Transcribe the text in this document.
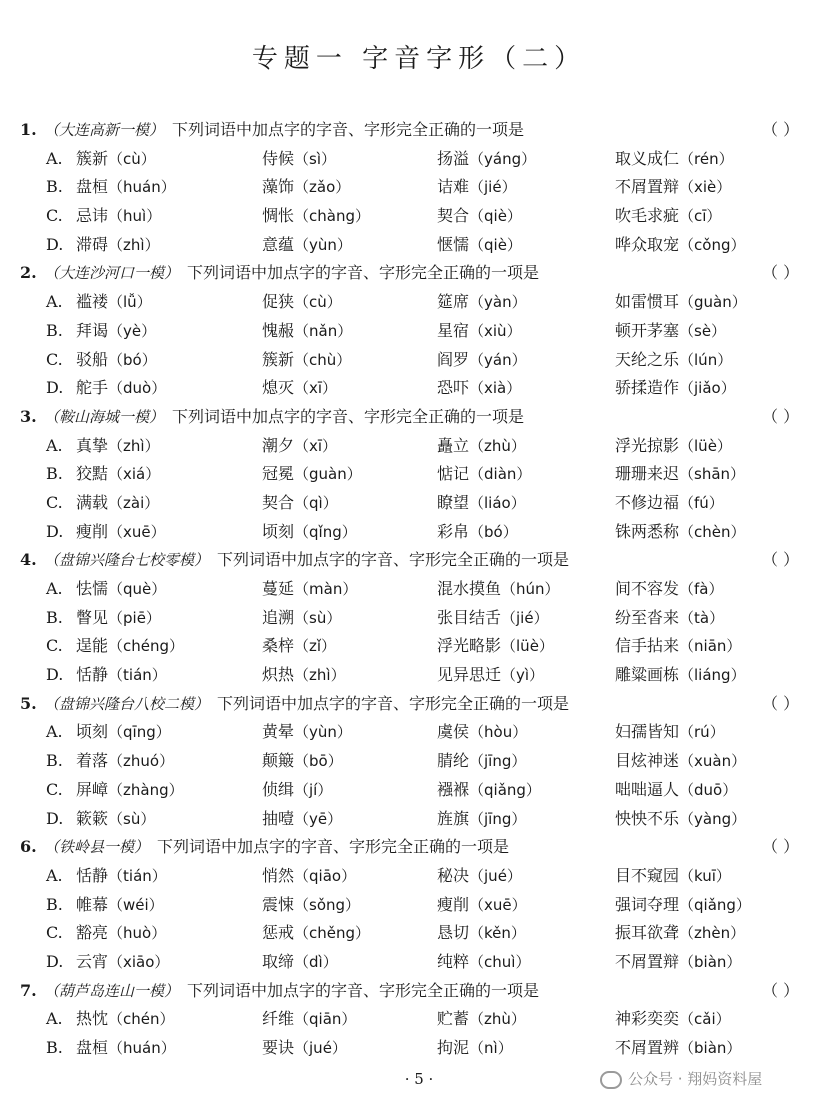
专题一 字音字形（二）
1. （大连高新一模）	（ ）
下列词语中加点字的字音、字形完全正确的一项是
A. 簇新（cù）	侍候（sì）	扬溢（yáng）	取义成仁（rén）
B. 盘桓（huán）	藻饰（zǎo）	诘难（jié）	不屑置辩（xiè）
C. 忌讳（huì）	惆怅（chàng）	契合（qiè）	吹毛求疵（cī）
D. 滞碍（zhì）	意蕴（yùn）	惬懦（qiè）	哗众取宠（cǒng）
2. （大连沙河口一模）	（ ）
下列词语中加点字的字音、字形完全正确的一项是
A. 褴褛（lǚ）	促狭（cù）	筵席（yàn）	如雷惯耳（guàn）
B. 拜谒（yè）	愧赧（nǎn）	星宿（xiù）	顿开茅塞（sè）
C. 驳船（bó）	簇新（chù）	阎罗（yán）	天纶之乐（lún）
D. 舵手（duò）	熄灭（xī）	恐吓（xià）	骄揉造作（jiǎo）
3. （鞍山海城一模）	（ ）
下列词语中加点字的字音、字形完全正确的一项是
A. 真挚（zhì）	潮夕（xī）	矗立（zhù）	浮光掠影（lüè）
B. 狡黠（xiá）	冠冕（guàn）	惦记（diàn）	珊珊来迟（shān）
C. 满载（zài）	契合（qì）	瞭望（liáo）	不修边福（fú）
D. 瘦削（xuē）	顷刻（qǐng）	彩帛（bó）	铢两悉称（chèn）
4. （盘锦兴隆台七校零模）	（ ）
下列词语中加点字的字音、字形完全正确的一项是
A. 怯懦（què）	蔓延（màn）	混水摸鱼（hún）	间不容发（fà）
B. 瞥见（piē）	追溯（sù）	张目结舌（jié）	纷至沓来（tà）
C. 逞能（chéng）	桑梓（zǐ）	浮光略影（lüè）	信手拈来（niān）
D. 恬静（tián）	炽热（zhì）	见异思迁（yì）	雕粱画栋（liáng）
5. （盘锦兴隆台八校二模）	（ ）
下列词语中加点字的字音、字形完全正确的一项是
A. 顷刻（qīng）	黄晕（yùn）	虞侯（hòu）	妇孺皆知（rú）
B. 着落（zhuó）	颠簸（bō）	腈纶（jīng）	目炫神迷（xuàn）
C. 屏嶂（zhàng）	侦缉（jí）	襁褓（qiǎng）	咄咄逼人（duō）
D. 簌簌（sù）	抽噎（yē）	旌旗（jīng）	怏怏不乐（yàng）
6. （铁岭县一模）	（ ）
下列词语中加点字的字音、字形完全正确的一项是
A. 恬静（tián）	悄然（qiāo）	秘决（jué）	目不窥园（kuī）
B. 帷幕（wéi）	震悚（sǒng）	瘦削（xuē）	强词夺理（qiǎng）
C. 豁亮（huò）	惩戒（chěng）	恳切（kěn）	振耳欲聋（zhèn）
D. 云宵（xiāo）	取缔（dì）	纯粹（chuì）	不屑置辩（biàn）
7. （葫芦岛连山一模）	（ ）
下列词语中加点字的字音、字形完全正确的一项是
A. 热忱（chén）	纤维（qiān）	贮蓄（zhù）	神彩奕奕（cǎi）
B. 盘桓（huán）	要诀（jué）	拘泥（nì）	不屑置辨（biàn）
· 5 ·	公众号 · 翔妈资料屋
